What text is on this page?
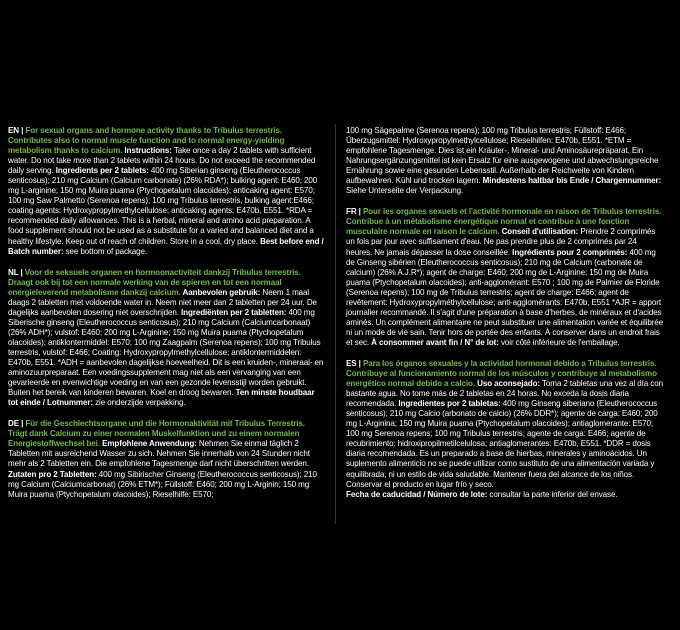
EN | For sexual organs and hormone activity thanks to Tribulus terrestris. Contributes also to normal muscle function and to normal energy-yielding metabolism thanks to calcium. Instructions: Take once a day 2 tablets with sufficient water. Do not take more than 2 tablets within 24 hours. Do not exceed the recommended daily serving. Ingredients per 2 tablets: 400 mg Siberian ginseng (Eleutherococcus senticosus); 210 mg Calcium (Calcium carbonate) (26% RDA*); bulking agent: E460; 200 mg L-arginine; 150 mg Muira puama (Ptychopetalum olacoides); anticaking agent: E570; 100 mg Saw Palmetto (Serenoa repens); 100 mg Tribulus terrestris, bulking agent:E466; coating agents: Hydroxypropylmethylcellulose; anticaking agents: E470b, E551. *RDA = recommended daily allowances. This is a herbal, mineral and amino acid preparation. A food supplement should not be used as a substitute for a varied and balanced diet and a healthy lifestyle. Keep out of reach of children. Store in a cool, dry place. Best before end / Batch number: see bottom of package.

NL | Voor de seksuele organen en hormoonactiviteit dankzij Tribulus terrestris. Draagt ook bij tot een normale werking van de spieren en tot een normaal energieleverend metabolisme dankzij calcium. Aanbevolen gebruik: Neem 1 maal daags 2 tabletten met voldoende water in. Neem niet meer dan 2 tabletten per 24 uur. De dagelijks aanbevolen dosering niet overschrijden. Ingrediënten per 2 tabletten: 400 mg Siberische ginseng (Eleutherococcus senticosus); 210 mg Calcium (Calciumcarbonaat) (26% ADH*); vulstof: E460; 200 mg L-Arginine; 150 mg Muira puama (Ptychopetalum olacoides); antiklontermiddel: E570; 100 mg Zaagpalm (Serenoa repens); 100 mg Tribulus terrestris, vulstof: E466; Coating: Hydroxypropylmethylcellulose; antiklontermiddelen: E470b, E551. *ADH = aanbevolen dagelijkse hoeveelheid. Dit is een kruiden-, mineraal- en aminozuurpreparaat. Een voedingssupplement mag niet als een vervanging van een gevarieerde en evenwichtige voeding en van een gezonde levensstijl worden gebruikt. Buiten het bereik van kinderen bewaren. Koel en droog bewaren. Ten minste houdbaar tot einde / Lotnummer: zie onderzijde verpakking.

DE | Für die Geschlechtsorgane und die Hormonaktivität mit Tribulus Terrestris. Trägt dank Calcium zu einer normalen Muskelfunktion und zu einem normalen Energiestoffwechsel bei. Empfohlene Anwendung: Nehmen Sie einmal täglich 2 Tabletten mit ausreichend Wasser zu sich. Nehmen Sie innerhalb von 24 Stunden nicht mehr als 2 Tabletten ein. Die empfohlene Tagesmenge darf nicht überschritten werden. Zutaten pro 2 Tabletten: 400 mg Sibirischer Ginseng (Eleutherococcus senticosus); 210 mg Calcium (Calciumcarbonat) (26% ETM*); Füllstoff: E460; 200 mg L-Arginin; 150 mg Muira puama (Ptychopetalum olacoides); Rieselhilfe: E570;

100 mg Sägepalme (Serenoa repens); 100 mg Tribulus terrestris; Füllstoff: E466; Überzugsmittel: Hydroxypropylmethylcellulose; Rieselhilfen: E470b, E551. *ETM = empfohlene Tagesmenge. Dies ist ein Kräuter-, Mineral- und Aminosäurepräparat. Ein Nahrungsergänzungsmittel ist kein Ersatz für eine ausgewogene und abwechslungsreiche Ernährung sowie eine gesunden Lebensstil. Außerhalb der Reichweite von Kindern aufbewahren. Kühl und trocken lagern. Mindestens haltbar bis Ende / Chargennummer: Siehe Unterseite der Verpackung.

FR | Pour les organes sexuels et l'activité hormonale en raison de Tribulus terrestris. Contribue à un métabolisme énergétique normal et contribue à une fonction musculaire normale en raison le calcium. Conseil d'utilisation: Prendre 2 comprimés un fois par jour avec suffisament d'eau. Ne pas prendre plus de 2 comprimés par 24 heures. Ne jamais dépasser la dose conseillée. Ingrédients pour 2 comprimés: 400 mg de Ginseng sibérien (Eleutherococcus senticosus); 210 mg de Calcium (carbonate de calcium) (26% A.J.R*); agent de charge: E460; 200 mg de L-Arginine; 150 mg de Muira puama (Ptychopetalum olacoides); anti-agglomérant: E570 ; 100 mg de Palmier de Floride (Serenoa repens); 100 mg de Tribulus terrestris; agent de charge: E466; agent de revêtement: Hydroxypropylméthylcellulose; anti-agglomérants: E470b, E551 *AJR = apport journalier recommandé. Il s'agit d'une préparation à base d'herbes, de minéraux et d'acides aminés. Un complément alimentaire ne peut substituer une alimentation variée et équilibrée ni un mode de vie sain. Tenir hors de portée des enfants. À conserver dans un endroit frais et sec. À consommer avant fin / N° de lot: voir côté inférieure de l'emballage.

ES | Para los órganos sexuales y la actividad hormonal debido a Tribulus terrestris. Contribuye al funcionamiento normal de los músculos y contribuye al metabolismo energético normal debido a calcio. Uso aconsejado: Toma 2 tabletas una vez al día con bastante agua. No tome más de 2 tabletas en 24 horas. No exceda la dosis diaria recomendada. Ingredientes por 2 tabletas: 400 mg Ginseng siberiano (Eleutherococcus senticosus); 210 mg Calcio (arbonato de calcio) (26% DDR*); agente de carga: E460; 200 mg L-Arginina; 150 mg Muira puama (Ptychopetalum olacoides); antiaglomerante: E570; 100 mg Serenoa repens; 100 mg Tribulus terrestris; agente de carga: E466; agente de recubrimiento: hidroxipropilmetilcelulosa; antiaglomerantes: E470b, E551. *DDR = dosis diaria recomendada. Es un preparado a base de hierbas, minerales y aminoácidos. Un suplemento alimenticio no se puede utilizar como sustituto de una alimentación variada y equilibrada, ni un estilo de vida saludable. Mantener fuera del alcance de los niños. Conservar el producto en lugar frío y seco.
Fecha de caducidad / Número de lote: consultar la parte inferior del envase.
